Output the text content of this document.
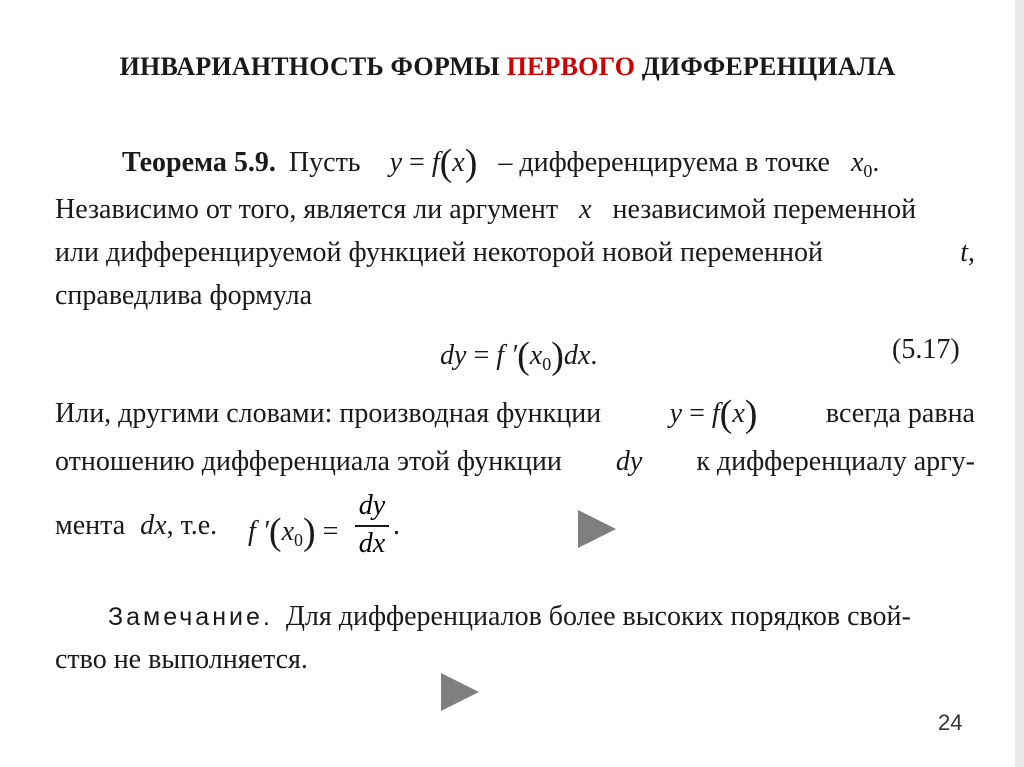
ИНВАРИАНТНОСТЬ ФОРМЫ ПЕРВОГО ДИФФЕРЕНЦИАЛА
Теорема 5.9. Пусть y = f(x) – дифференцируема в точке $x_0$.
Независимо от того, является ли аргумент x независимой переменной
или дифференцируемой функцией некоторой новой переменной	t,
справедлива формула
dy = f $'(x_0)dx$.	(5.17)
Или, другими словами: производная функции y = f(x) всегда равна
отношению дифференциала этой функции dy к дифференциалу аргу-
мента dx, т.е. f $'(x_0)$ =
dy
dx
.
Замечание. Для дифференциалов более высоких порядков свой-
ство не выполняется.
24
